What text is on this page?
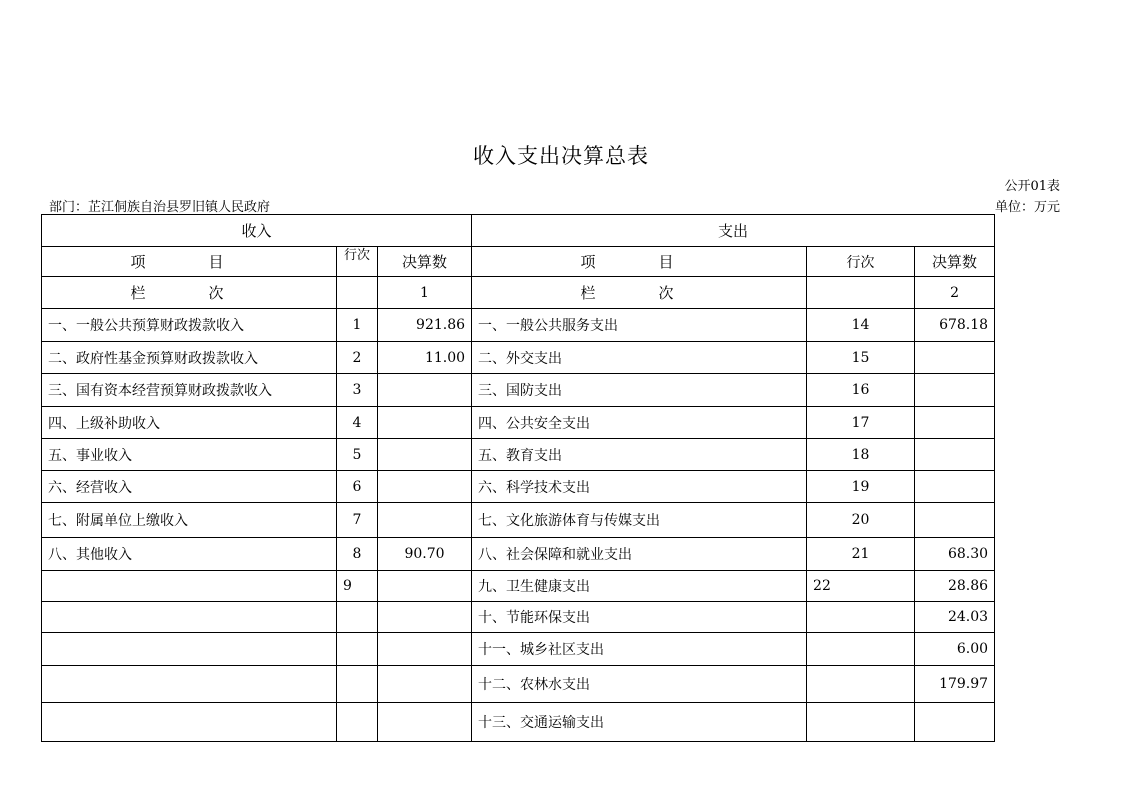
收入支出决算总表
公开01表
部门：芷江侗族自治县罗旧镇人民政府	单位：万元
收入			支出		
项　目	行次	决算数	项　目	行次	决算数
栏　次		1	栏　次		2
一、一般公共预算财政拨款收入	1	921.86	一、一般公共服务支出	14	678.18
二、政府性基金预算财政拨款收入	2	11.00	二、外交支出	15	
三、国有资本经营预算财政拨款收入	3		三、国防支出	16	
四、上级补助收入	4		四、公共安全支出	17	
五、事业收入	5		五、教育支出	18	
六、经营收入	6		六、科学技术支出	19	
七、附属单位上缴收入	7		七、文化旅游体育与传媒支出	20	
八、其他收入	8	90.70	八、社会保障和就业支出	21	68.30
	9		九、卫生健康支出	22	28.86
			十、节能环保支出		24.03
			十一、城乡社区支出		6.00
			十二、农林水支出		179.97
			十三、交通运输支出		
